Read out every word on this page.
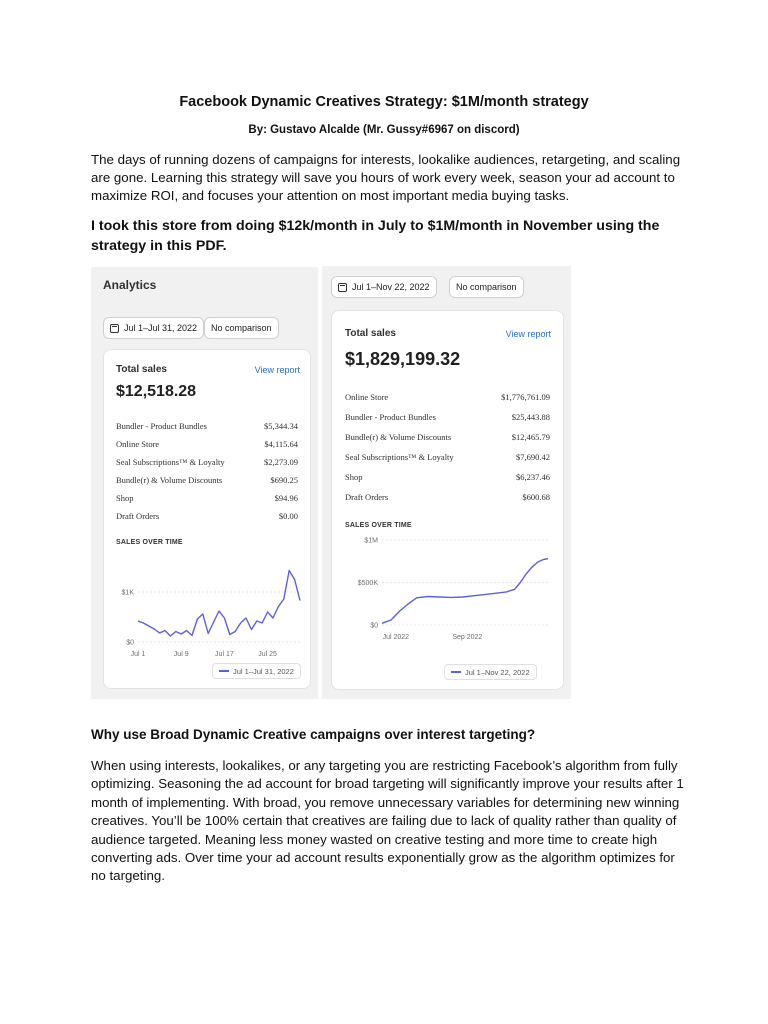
Facebook Dynamic Creatives Strategy: $1M/month strategy
By: Gustavo Alcalde (Mr. Gussy#6967 on discord)
The days of running dozens of campaigns for interests, lookalike audiences, retargeting, and scaling are gone. Learning this strategy will save you hours of work every week, season your ad account to maximize ROI, and focuses your attention on most important media buying tasks.
I took this store from doing $12k/month in July to $1M/month in November using the strategy in this PDF.
Analytics
Jul 1–Jul 31, 2022 No comparison
Total sales	View report
$12,518.28
Bundler - Product Bundles	$5,344.34
Online Store	$4,115.64
Seal Subscriptions™ & Loyalty	$2,273.09
Bundle(r) & Volume Discounts	$690.25
Shop	$94.96
Draft Orders	$0.00
SALES OVER TIME
$0
$1K
Jul 1	Jul 9	Jul 17	Jul 25
Jul 1–Jul 31, 2022
Jul 1–Nov 22, 2022	No comparison
Total sales	View report
$1,829,199.32
Online Store	$1,776,761.09
Bundler - Product Bundles	$25,443.88
Bundle(r) & Volume Discounts	$12,465.79
Seal Subscriptions™ & Loyalty	$7,690.42
Shop	$6,237.46
Draft Orders	$600.68
SALES OVER TIME
$0
$500K
$1M
Jul 2022	Sep 2022
Jul 1–Nov 22, 2022
Why use Broad Dynamic Creative campaigns over interest targeting?
When using interests, lookalikes, or any targeting you are restricting Facebook’s algorithm from fully optimizing. Seasoning the ad account for broad targeting will significantly improve your results after 1 month of implementing. With broad, you remove unnecessary variables for determining new winning creatives. You’ll be 100% certain that creatives are failing due to lack of quality rather than quality of audience targeted. Meaning less money wasted on creative testing and more time to create high converting ads. Over time your ad account results exponentially grow as the algorithm optimizes for no targeting.
